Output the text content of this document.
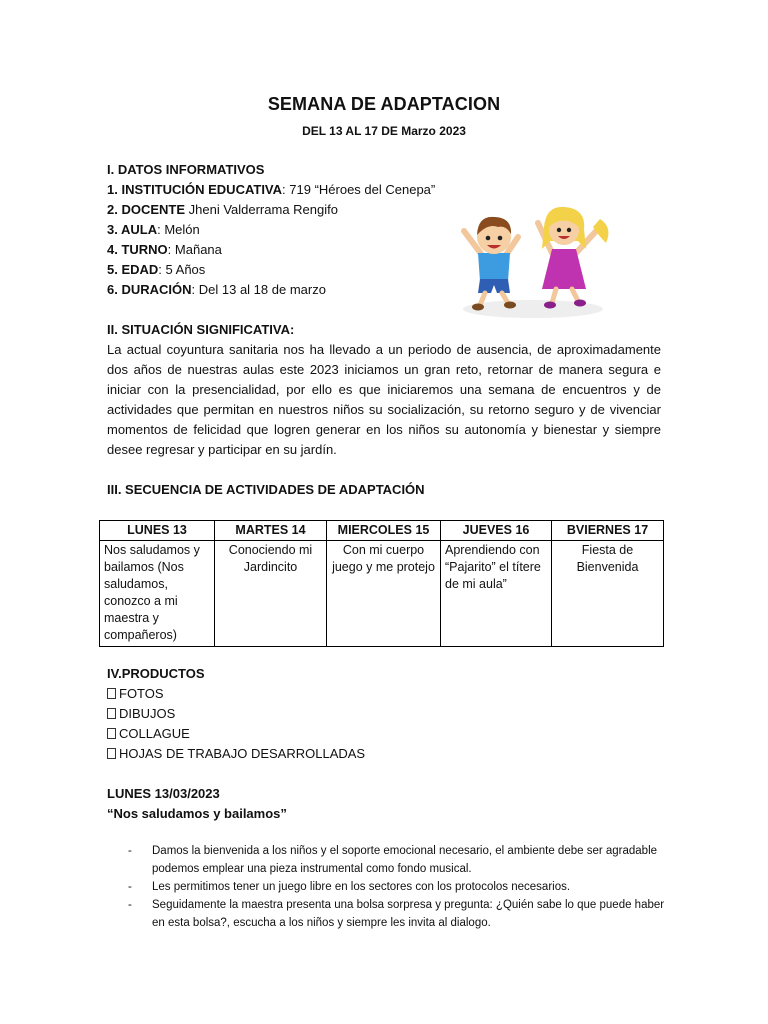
SEMANA DE ADAPTACION
DEL 13 AL 17 DE Marzo 2023
I. DATOS INFORMATIVOS
1. INSTITUCIÓN EDUCATIVA: 719 “Héroes del Cenepa”
2. DOCENTE Jheni Valderrama Rengifo
3. AULA: Melón
4. TURNO: Mañana
5. EDAD: 5 Años
6. DURACIÓN: Del 13 al 18 de marzo
II. SITUACIÓN SIGNIFICATIVA:
La actual coyuntura sanitaria nos ha llevado a un periodo de ausencia, de aproximadamente dos años de nuestras aulas este 2023 iniciamos un gran reto, retornar de manera segura e iniciar con la presencialidad, por ello es que iniciaremos una semana de encuentros y de actividades que permitan en nuestros niños su socialización, su retorno seguro y de vivenciar momentos de felicidad que logren generar en los niños su autonomía y bienestar y siempre desee regresar y participar en su jardín.
III. SECUENCIA DE ACTIVIDADES DE ADAPTACIÓN
LUNES 13	MARTES 14	MIERCOLES 15	JUEVES 16	BVIERNES 17
Nos saludamos y bailamos (Nos saludamos, conozco a mi maestra y compañeros)	Conociendo mi Jardincito	Con mi cuerpo juego y me protejo	Aprendiendo con “Pajarito” el títere de mi aula”	Fiesta de Bienvenida
IV.PRODUCTOS
FOTOS
DIBUJOS
COLLAGUE
HOJAS DE TRABAJO DESARROLLADAS
LUNES 13/03/2023
“Nos saludamos y bailamos”
- Damos la bienvenida a los niños y el soporte emocional necesario, el ambiente debe ser agradable podemos emplear una pieza instrumental como fondo musical.
- Les permitimos tener un juego libre en los sectores con los protocolos necesarios.
- Seguidamente la maestra presenta una bolsa sorpresa y pregunta: ¿Quién sabe lo que puede haber en esta bolsa?, escucha a los niños y siempre les invita al dialogo.
